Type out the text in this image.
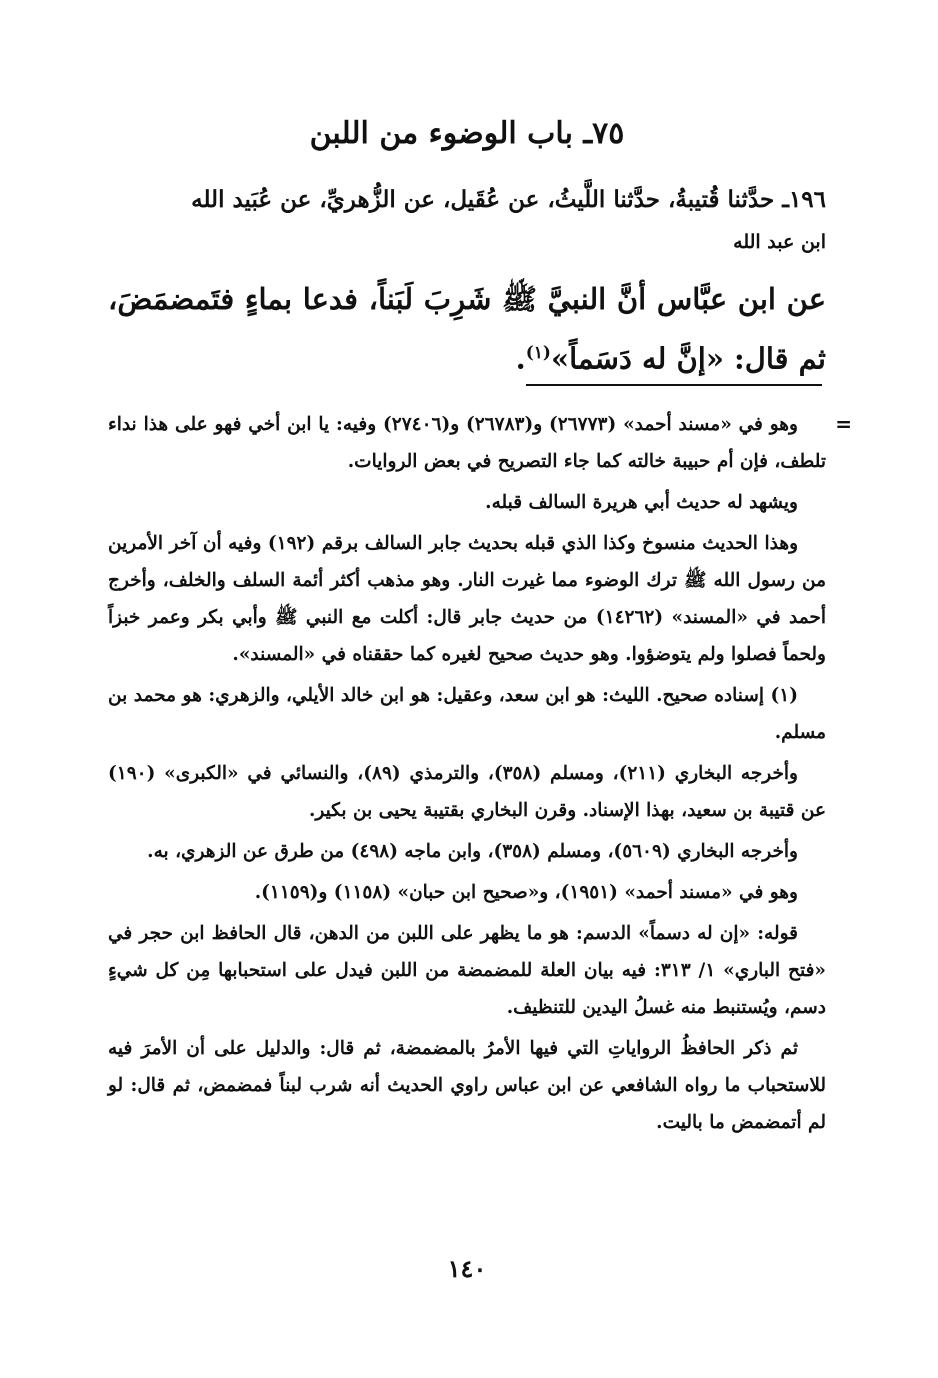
٧٥ـ باب الوضوء من اللبن
١٩٦ـ حدَّثنا قُتيبةُ، حدَّثنا اللَّيثُ، عن عُقَيل، عن الزُّهريِّ، عن عُبَيد الله
ابن عبد الله
عن ابن عبَّاس أنَّ النبيَّ ﷺ شَرِبَ لَبَناً، فدعا بماءٍ فتَمضمَضَ، ثم قال: «إنَّ له دَسَماً»$^{(١)}$.

وهو في «مسند أحمد» (٢٦٧٧٣) و(٢٦٧٨٣) و(٢٧٤٠٦) وفيه: يا ابن أخي فهو على هذا نداء تلطف، فإن أم حبيبة خالته كما جاء التصريح في بعض الروايات.

ويشهد له حديث أبي هريرة السالف قبله.

وهذا الحديث منسوخ وكذا الذي قبله بحديث جابر السالف برقم (١٩٢) وفيه أن آخر الأمرين من رسول الله ﷺ ترك الوضوء مما غيرت النار. وهو مذهب أكثر أئمة السلف والخلف، وأخرج أحمد في «المسند» (١٤٢٦٢) من حديث جابر قال: أكلت مع النبي ﷺ وأبي بكر وعمر خبزاً ولحماً فصلوا ولم يتوضؤوا. وهو حديث صحيح لغيره كما حققناه في «المسند».

(١) إسناده صحيح. الليث: هو ابن سعد، وعقيل: هو ابن خالد الأيلي، والزهري: هو محمد بن مسلم.

وأخرجه البخاري (٢١١)، ومسلم (٣٥٨)، والترمذي (٨٩)، والنسائي في «الكبرى» (١٩٠) عن قتيبة بن سعيد، بهذا الإسناد. وقرن البخاري بقتيبة يحيى بن بكير.

وأخرجه البخاري (٥٦٠٩)، ومسلم (٣٥٨)، وابن ماجه (٤٩٨) من طرق عن الزهري، به.

وهو في «مسند أحمد» (١٩٥١)، و«صحيح ابن حبان» (١١٥٨) و(١١٥٩).

قوله: «إن له دسماً» الدسم: هو ما يظهر على اللبن من الدهن، قال الحافظ ابن حجر في «فتح الباري» ١/ ٣١٣: فيه بيان العلة للمضمضة من اللبن فيدل على استحبابها مِن كل شيءٍ دسم، ويُستنبط منه غسلُ اليدين للتنظيف.

ثم ذكر الحافظُ الرواياتِ التي فيها الأمرُ بالمضمضة، ثم قال: والدليل على أن الأمرَ فيه للاستحباب ما رواه الشافعي عن ابن عباس راوي الحديث أنه شرب لبناً فمضمض، ثم قال: لو لم أتمضمض ما باليت.

١٤٠
=
